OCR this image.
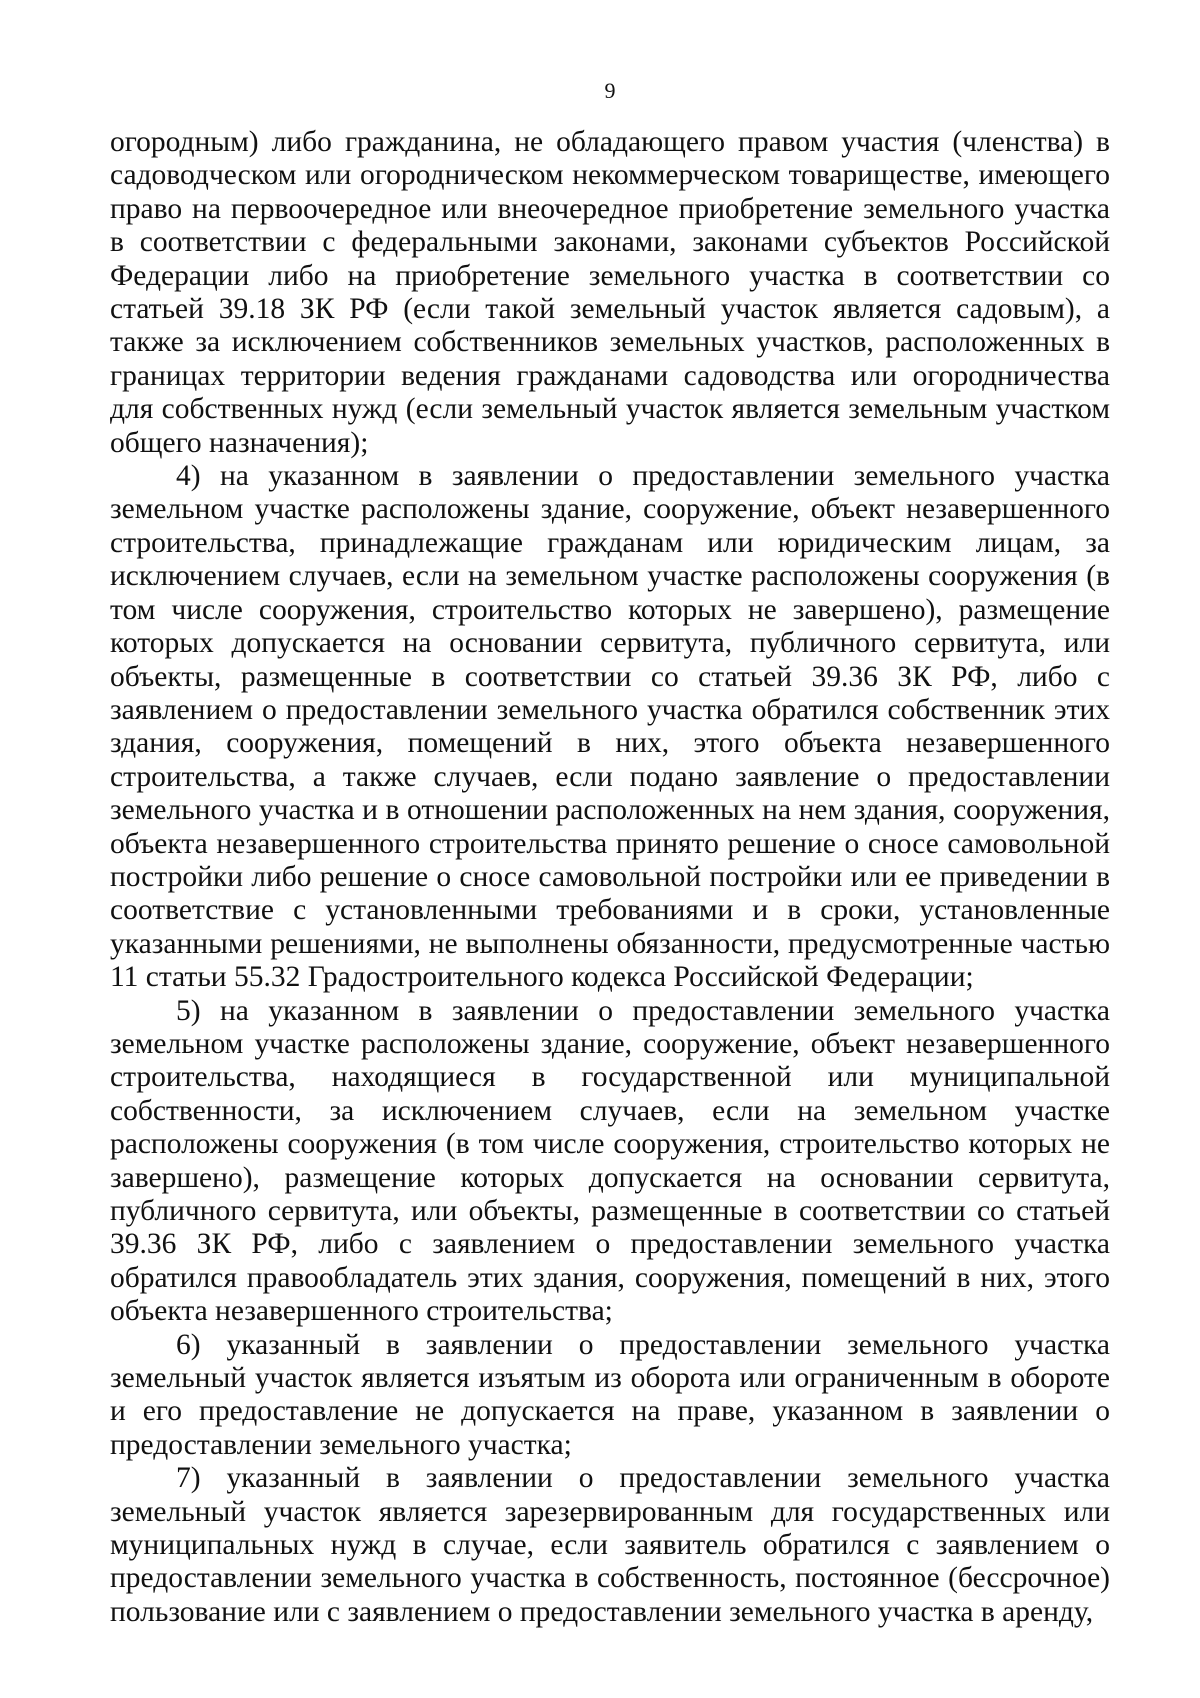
9

огородным) либо гражданина, не обладающего правом участия (членства) в садоводческом или огородническом некоммерческом товариществе, имеющего право на первоочередное или внеочередное приобретение земельного участка в соответствии с федеральными законами, законами субъектов Российской Федерации либо на приобретение земельного участка в соответствии со статьей 39.18 ЗК РФ (если такой земельный участок является садовым), а также за исключением собственников земельных участков, расположенных в границах территории ведения гражданами садоводства или огородничества для собственных нужд (если земельный участок является земельным участком общего назначения);

4) на указанном в заявлении о предоставлении земельного участка земельном участке расположены здание, сооружение, объект незавершенного строительства, принадлежащие гражданам или юридическим лицам, за исключением случаев, если на земельном участке расположены сооружения (в том числе сооружения, строительство которых не завершено), размещение которых допускается на основании сервитута, публичного сервитута, или объекты, размещенные в соответствии со статьей 39.36 ЗК РФ, либо с заявлением о предоставлении земельного участка обратился собственник этих здания, сооружения, помещений в них, этого объекта незавершенного строительства, а также случаев, если подано заявление о предоставлении земельного участка и в отношении расположенных на нем здания, сооружения, объекта незавершенного строительства принято решение о сносе самовольной постройки либо решение о сносе самовольной постройки или ее приведении в соответствие с установленными требованиями и в сроки, установленные указанными решениями, не выполнены обязанности, предусмотренные частью 11 статьи 55.32 Градостроительного кодекса Российской Федерации;

5) на указанном в заявлении о предоставлении земельного участка земельном участке расположены здание, сооружение, объект незавершенного строительства, находящиеся в государственной или муниципальной собственности, за исключением случаев, если на земельном участке расположены сооружения (в том числе сооружения, строительство которых не завершено), размещение которых допускается на основании сервитута, публичного сервитута, или объекты, размещенные в соответствии со статьей 39.36 ЗК РФ, либо с заявлением о предоставлении земельного участка обратился правообладатель этих здания, сооружения, помещений в них, этого объекта незавершенного строительства;

6) указанный в заявлении о предоставлении земельного участка земельный участок является изъятым из оборота или ограниченным в обороте и его предоставление не допускается на праве, указанном в заявлении о предоставлении земельного участка;

7) указанный в заявлении о предоставлении земельного участка земельный участок является зарезервированным для государственных или муниципальных нужд в случае, если заявитель обратился с заявлением о предоставлении земельного участка в собственность, постоянное (бессрочное) пользование или с заявлением о предоставлении земельного участка в аренду,
